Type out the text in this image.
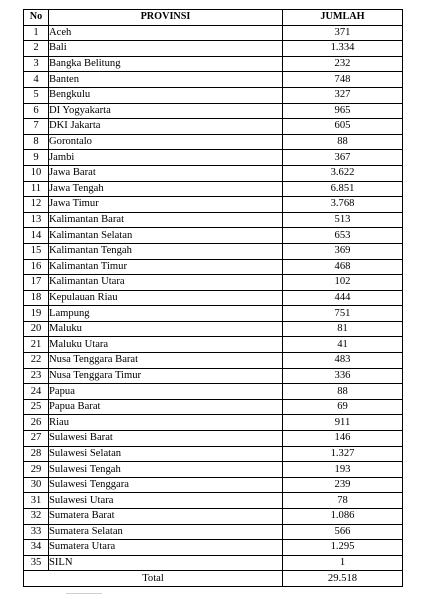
No	PROVINSI	JUMLAH
1	Aceh	371
2	Bali	1.334
3	Bangka Belitung	232
4	Banten	748
5	Bengkulu	327
6	DI Yogyakarta	965
7	DKI Jakarta	605
8	Gorontalo	88
9	Jambi	367
10	Jawa Barat	3.622
11	Jawa Tengah	6.851
12	Jawa Timur	3.768
13	Kalimantan Barat	513
14	Kalimantan Selatan	653
15	Kalimantan Tengah	369
16	Kalimantan Timur	468
17	Kalimantan Utara	102
18	Kepulauan Riau	444
19	Lampung	751
20	Maluku	81
21	Maluku Utara	41
22	Nusa Tenggara Barat	483
23	Nusa Tenggara Timur	336
24	Papua	88
25	Papua Barat	69
26	Riau	911
27	Sulawesi Barat	146
28	Sulawesi Selatan	1.327
29	Sulawesi Tengah	193
30	Sulawesi Tenggara	239
31	Sulawesi Utara	78
32	Sumatera Barat	1.086
33	Sumatera Selatan	566
34	Sumatera Utara	1.295
35	SILN	1
Total		29.518
